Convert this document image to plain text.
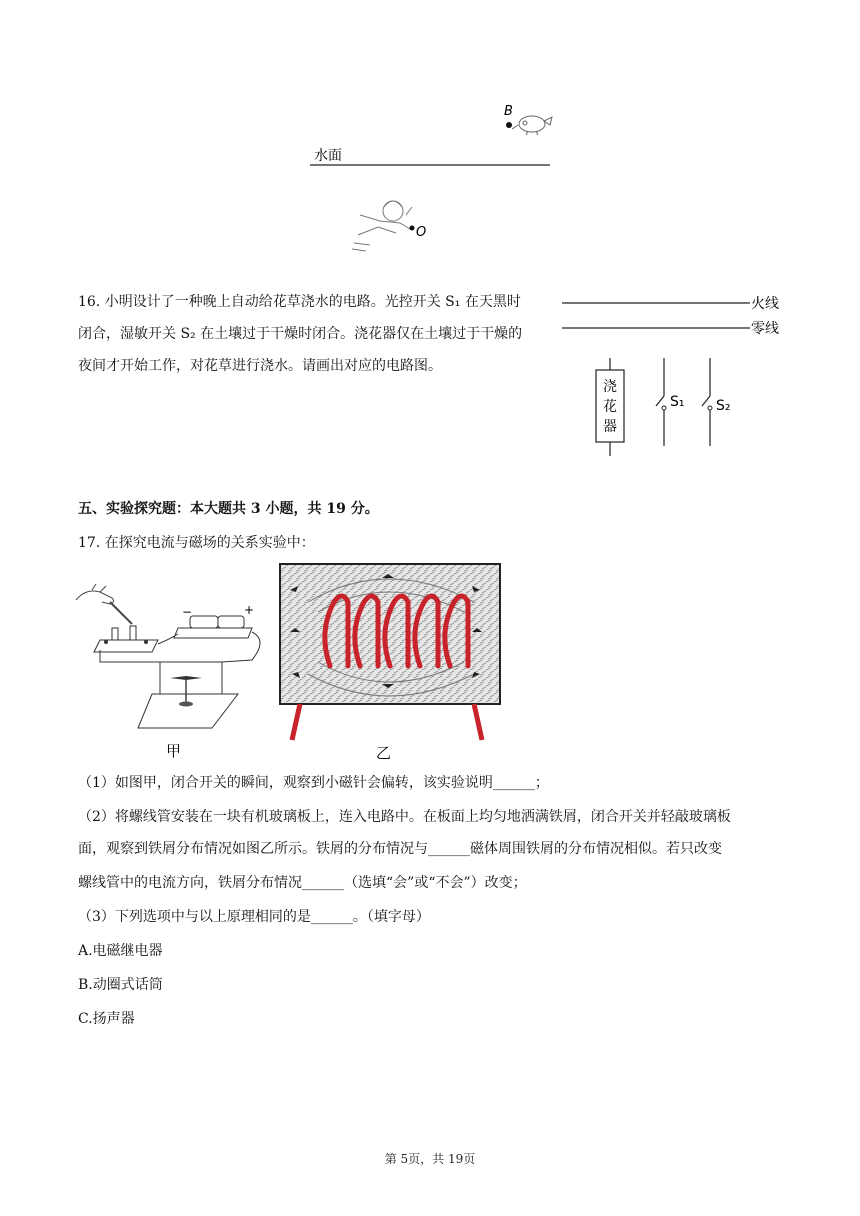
B
水面
O
16. 小明设计了一种晚上自动给花草浇水的电路。光控开关 S₁ 在天黑时
闭合，湿敏开关 S₂ 在土壤过于干燥时闭合。浇花器仅在土壤过于干燥的
夜间才开始工作，对花草进行浇水。请画出对应的电路图。
火线
零线
浇
花
器
S₁ S₂
五、实验探究题：本大题共 3 小题，共 19 分。
17. 在探究电流与磁场的关系实验中：
−	+
甲	乙
（1）如图甲，闭合开关的瞬间，观察到小磁针会偏转，该实验说明______；
（2）将螺线管安装在一块有机玻璃板上，连入电路中。在板面上均匀地洒满铁屑，闭合开关并轻敲玻璃板
面，观察到铁屑分布情况如图乙所示。铁屑的分布情况与______磁体周围铁屑的分布情况相似。若只改变
螺线管中的电流方向，铁屑分布情况______（选填“会”或“不会”）改变；
（3）下列选项中与以上原理相同的是______。（填字母）
A.电磁继电器
B.动圈式话筒
C.扬声器
第 5页，共 19页
